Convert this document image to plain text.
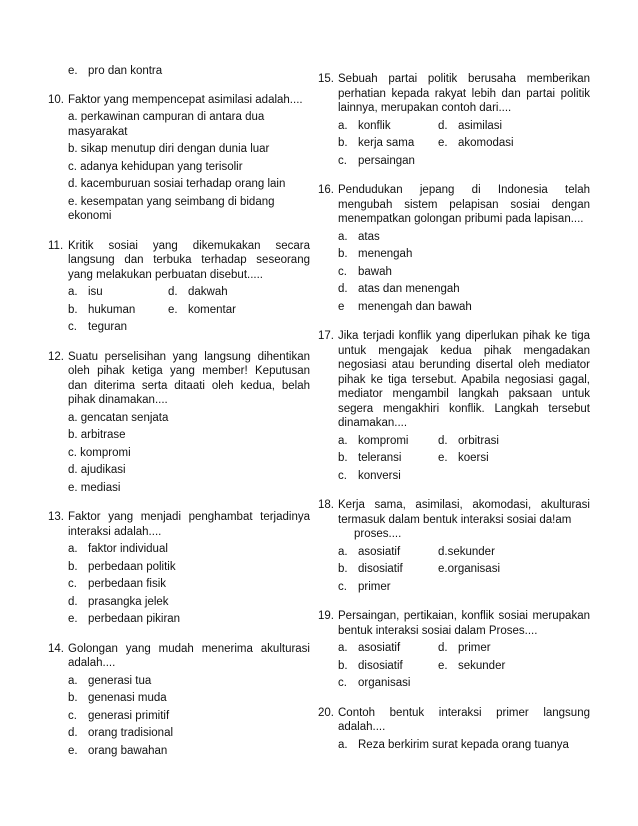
e. pro dan kontra
10. Faktor yang mempencepat asimilasi adalah....
a. perkawinan campuran di antara dua masyarakat
b. sikap menutup diri dengan dunia luar
c. adanya kehidupan yang terisolir
d. kacemburuan sosiai terhadap orang lain
e. kesempatan yang seimbang di bidang ekonomi
11. Kritik sosiai yang dikemukakan secara langsung dan terbuka terhadap seseorang yang melakukan perbuatan disebut.....
a. isu	d. dakwah
b. hukuman	e. komentar
c. teguran
12. Suatu perselisihan yang langsung dihentikan oleh pihak ketiga yang member! Keputusan dan diterima serta ditaati oleh kedua, belah pihak dinamakan....
a. gencatan senjata
b. arbitrase
c. kompromi
d. ajudikasi
e. mediasi
13. Faktor yang menjadi penghambat terjadinya interaksi adalah....
a. faktor individual
b. perbedaan politik
c. perbedaan fisik
d. prasangka jelek
e. perbedaan pikiran
14. Golongan yang mudah menerima akulturasi adalah....
a. generasi tua
b. genenasi muda
c. generasi primitif
d. orang tradisional
e. orang bawahan
15. Sebuah partai politik berusaha memberikan perhatian kepada rakyat lebih dan partai politik lainnya, merupakan contoh dari....
a. konflik	d. asimilasi
b. kerja sama e. akomodasi
c. persaingan
16. Pendudukan jepang di Indonesia telah mengubah sistem pelapisan sosiai dengan menempatkan golongan pribumi pada lapisan....
a. atas
b. menengah
c. bawah
d. atas dan menengah
e	menengah dan bawah
17. Jika terjadi konflik yang diperlukan pihak ke tiga untuk mengajak kedua pihak mengadakan negosiasi atau berunding disertal oleh mediator pihak ke tiga tersebut. Apabila negosiasi gagal, mediator mengambil langkah paksaan untuk segera mengakhiri konflik. Langkah tersebut dinamakan....
a. kompromi	d. orbitrasi
b. teleransi	e. koersi
c. konversi
18. Kerja sama, asimilasi, akomodasi, akulturasi termasuk dalam bentuk interaksi sosiai da!am
proses....
a. asosiatif	d.sekunder
b. disosiatif	e.organisasi
c. primer
19. Persaingan, pertikaian, konflik sosiai merupakan bentuk interaksi sosiai dalam Proses....
a. asosiatif	d. primer
b. disosiatif	e. sekunder
c. organisasi
20. Contoh bentuk interaksi primer langsung adalah....
a. Reza berkirim surat kepada orang tuanya
